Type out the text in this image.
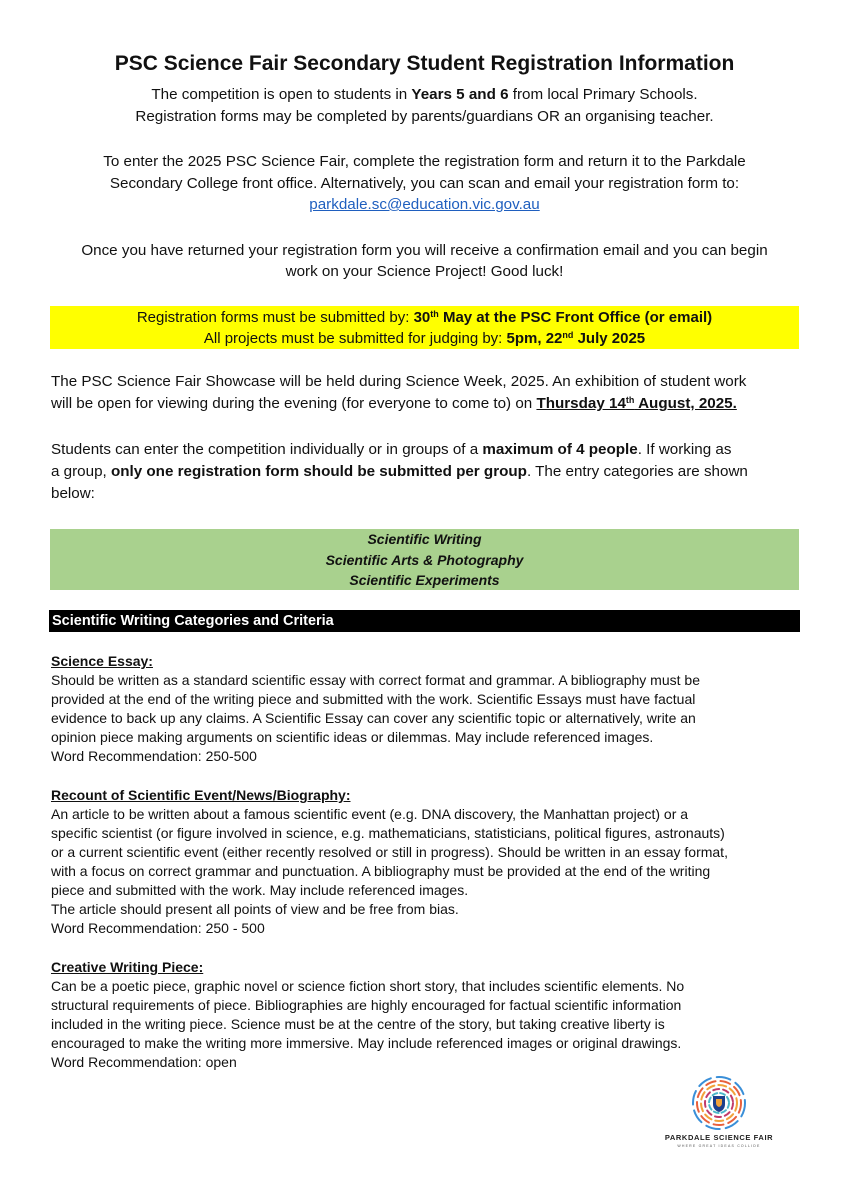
PSC Science Fair Secondary Student Registration Information

The competition is open to students in Years 5 and 6 from local Primary Schools.

Registration forms may be completed by parents/guardians OR an organising teacher.

To enter the 2025 PSC Science Fair, complete the registration form and return it to the Parkdale

Secondary College front office. Alternatively, you can scan and email your registration form to:

parkdale.sc@education.vic.gov.au

Once you have returned your registration form you will receive a confirmation email and you can begin

work on your Science Project! Good luck!

Registration forms must be submitted by: 30th May at the PSC Front Office (or email)
All projects must be submitted for judging by: 5pm, 22nd July 2025
The PSC Science Fair Showcase will be held during Science Week, 2025. An exhibition of student work
will be open for viewing during the evening (for everyone to come to) on Thursday 14th August, 2025.
Students can enter the competition individually or in groups of a maximum of 4 people. If working as
a group, only one registration form should be submitted per group. The entry categories are shown
below:
Scientific Writing
Scientific Arts & Photography
Scientific Experiments
Scientific Writing Categories and Criteria
Science Essay:
Should be written as a standard scientific essay with correct format and grammar. A bibliography must be
provided at the end of the writing piece and submitted with the work. Scientific Essays must have factual
evidence to back up any claims. A Scientific Essay can cover any scientific topic or alternatively, write an
opinion piece making arguments on scientific ideas or dilemmas. May include referenced images.
Word Recommendation: 250-500
Recount of Scientific Event/News/Biography:
An article to be written about a famous scientific event (e.g. DNA discovery, the Manhattan project) or a
specific scientist (or figure involved in science, e.g. mathematicians, statisticians, political figures, astronauts)
or a current scientific event (either recently resolved or still in progress). Should be written in an essay format,
with a focus on correct grammar and punctuation. A bibliography must be provided at the end of the writing
piece and submitted with the work. May include referenced images.
The article should present all points of view and be free from bias.
Word Recommendation: 250 - 500
Creative Writing Piece:
Can be a poetic piece, graphic novel or science fiction short story, that includes scientific elements. No
structural requirements of piece. Bibliographies are highly encouraged for factual scientific information
included in the writing piece. Science must be at the centre of the story, but taking creative liberty is
encouraged to make the writing more immersive. May include referenced images or original drawings.
Word Recommendation: open
PARKDALE SCIENCE FAIR
WHERE GREAT IDEAS COLLIDE
